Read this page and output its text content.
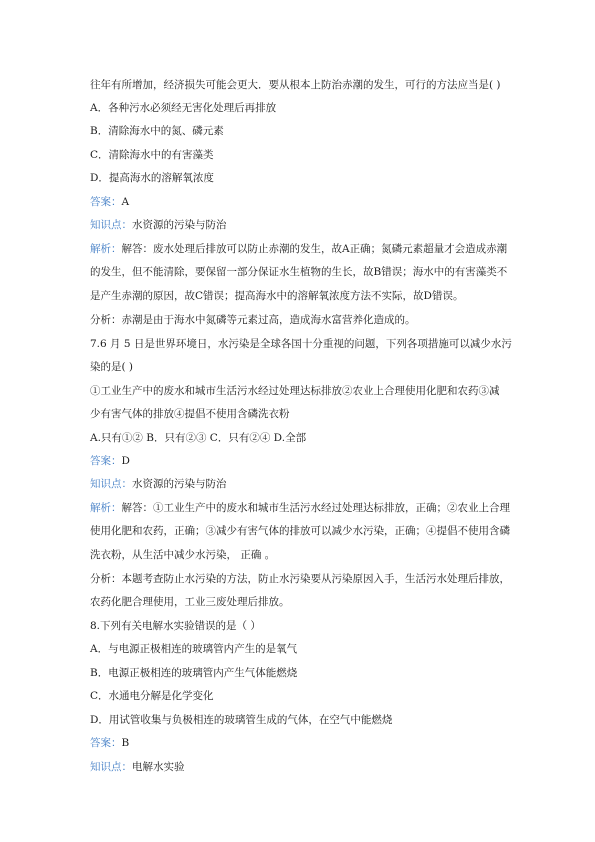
往年有所增加，经济损失可能会更大．要从根本上防治赤潮的发生，可行的方法应当是( )
A．各种污水必须经无害化处理后再排放
B．清除海水中的氮、磷元素
C．清除海水中的有害藻类
D．提高海水的溶解氧浓度
答案：A
知识点：水资源的污染与防治
解析：解答：废水处理后排放可以防止赤潮的发生，故A正确；氮磷元素超量才会造成赤潮
的发生，但不能清除，要保留一部分保证水生植物的生长，故B错误；海水中的有害藻类不
是产生赤潮的原因，故C错误；提高海水中的溶解氧浓度方法不实际，故D错误。
分析：赤潮是由于海水中氮磷等元素过高，造成海水富营养化造成的。
7.6 月 5 日是世界环境日，水污染是全球各国十分重视的问题，下列各项措施可以减少水污
染的是( )
①工业生产中的废水和城市生活污水经过处理达标排放②农业上合理使用化肥和农药③减
少有害气体的排放④提倡不使用含磷洗衣粉
A.只有①② B．只有②③ C．只有②④ D.全部
答案：D
知识点：水资源的污染与防治
解析：解答：①工业生产中的废水和城市生活污水经过处理达标排放，正确；②农业上合理
使用化肥和农药，正确；③减少有害气体的排放可以减少水污染，正确；④提倡不使用含磷
洗衣粉，从生活中减少水污染， 正确 。
分析：本题考查防止水污染的方法，防止水污染要从污染原因入手，生活污水处理后排放，
农药化肥合理使用，工业三废处理后排放。
8.下列有关电解水实验错误的是（ ）
A．与电源正极相连的玻璃管内产生的是氧气
B．电源正极相连的玻璃管内产生气体能燃烧
C．水通电分解是化学变化
D．用试管收集与负极相连的玻璃管生成的气体，在空气中能燃烧
答案：B
知识点：电解水实验
